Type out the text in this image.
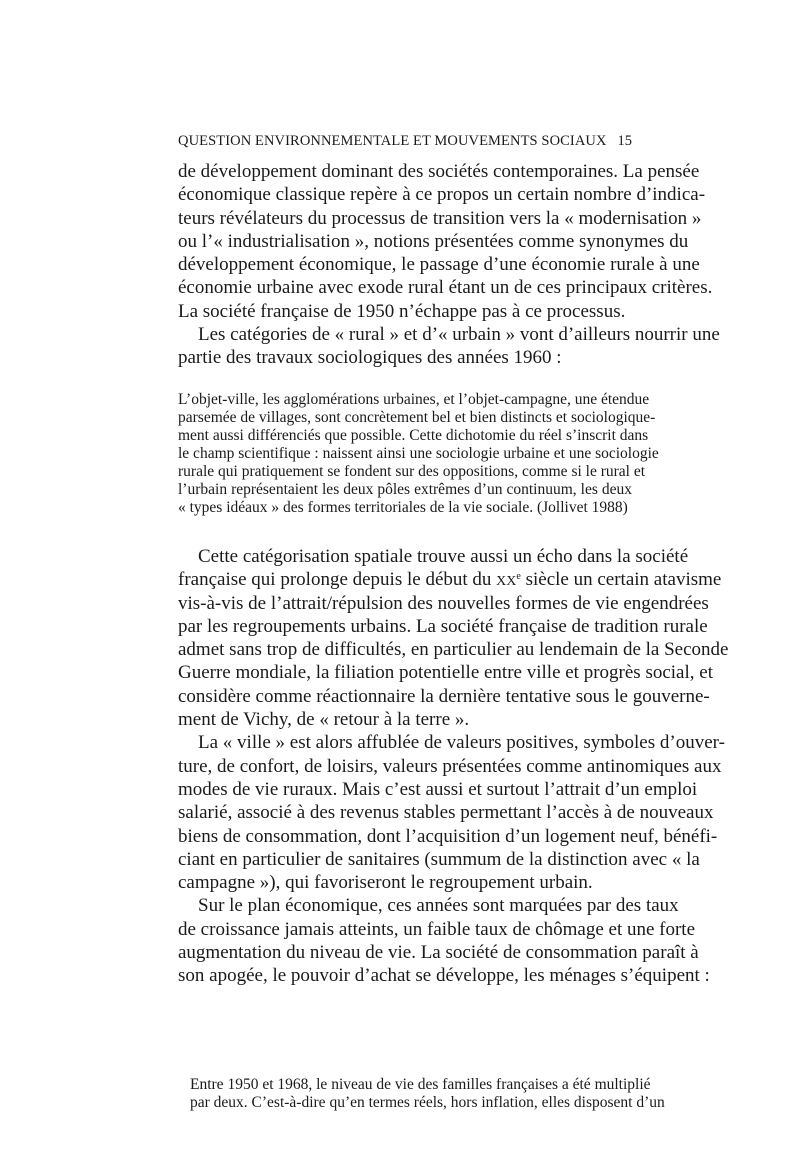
QUESTION ENVIRONNEMENTALE ET MOUVEMENTS SOCIAUX 15
de développement dominant des sociétés contemporaines. La pensée
économique classique repère à ce propos un certain nombre d’indica-
teurs révélateurs du processus de transition vers la « modernisation »
ou l’« industrialisation », notions présentées comme synonymes du
développement économique, le passage d’une économie rurale à une
économie urbaine avec exode rural étant un de ces principaux critères.
La société française de 1950 n’échappe pas à ce processus.
Les catégories de « rural » et d’« urbain » vont d’ailleurs nourrir une
partie des travaux sociologiques des années 1960 :
L’objet-ville, les agglomérations urbaines, et l’objet-campagne, une étendue
parsemée de villages, sont concrètement bel et bien distincts et sociologique-
ment aussi différenciés que possible. Cette dichotomie du réel s’inscrit dans
le champ scientifique : naissent ainsi une sociologie urbaine et une sociologie
rurale qui pratiquement se fondent sur des oppositions, comme si le rural et
l’urbain représentaient les deux pôles extrêmes d’un continuum, les deux
« types idéaux » des formes territoriales de la vie sociale. (Jollivet 1988)
Cette catégorisation spatiale trouve aussi un écho dans la société
française qui prolonge depuis le début du XXe siècle un certain atavisme
vis-à-vis de l’attrait/répulsion des nouvelles formes de vie engendrées
par les regroupements urbains. La société française de tradition rurale
admet sans trop de difficultés, en particulier au lendemain de la Seconde
Guerre mondiale, la filiation potentielle entre ville et progrès social, et
considère comme réactionnaire la dernière tentative sous le gouverne-
ment de Vichy, de « retour à la terre ».
La « ville » est alors affublée de valeurs positives, symboles d’ouver-
ture, de confort, de loisirs, valeurs présentées comme antinomiques aux
modes de vie ruraux. Mais c’est aussi et surtout l’attrait d’un emploi
salarié, associé à des revenus stables permettant l’accès à de nouveaux
biens de consommation, dont l’acquisition d’un logement neuf, bénéfi-
ciant en particulier de sanitaires (summum de la distinction avec « la
campagne »), qui favoriseront le regroupement urbain.
Sur le plan économique, ces années sont marquées par des taux
de croissance jamais atteints, un faible taux de chômage et une forte
augmentation du niveau de vie. La société de consommation paraît à
son apogée, le pouvoir d’achat se développe, les ménages s’équipent :
Entre 1950 et 1968, le niveau de vie des familles françaises a été multiplié
par deux. C’est-à-dire qu’en termes réels, hors inflation, elles disposent d’un
